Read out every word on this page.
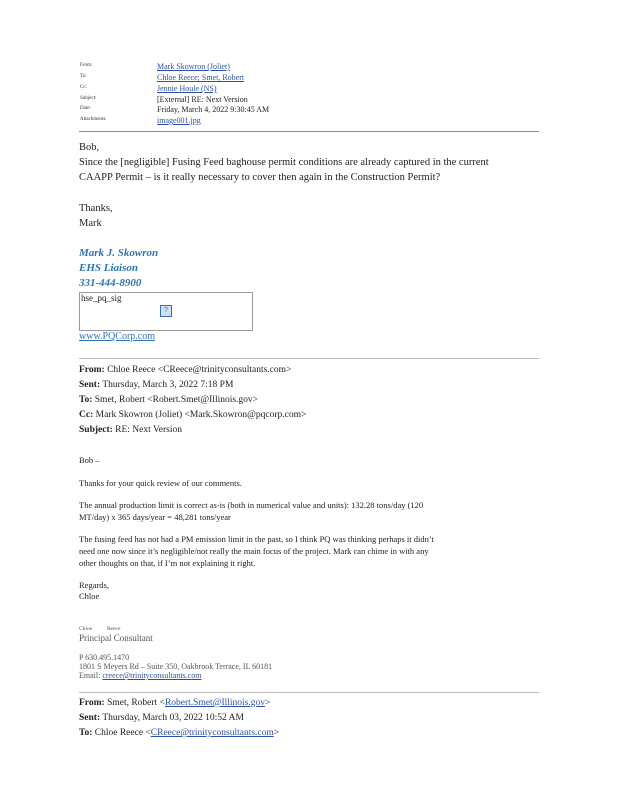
From:	Mark Skowron (Joliet)
To:	Chloe Reece; Smet, Robert
Cc:	Jennie Houle (NS)
Subject:	[External] RE: Next Version
Date:	Friday, March 4, 2022 9:30:45 AM
Attachments:	image001.jpg
Bob,
Since the [negligible] Fusing Feed baghouse permit conditions are already captured in the current
CAAPP Permit – is it really necessary to cover then again in the Construction Permit?
Thanks,
Mark
Mark J. Skowron
EHS Liaison
331-444-8900
hse_pq_sig
?
www.PQCorp.com
From: Chloe Reece <CReece@trinityconsultants.com>
Sent: Thursday, March 3, 2022 7:18 PM
To: Smet, Robert <Robert.Smet@Illinois.gov>
Cc: Mark Skowron (Joliet) <Mark.Skowron@pqcorp.com>
Subject: RE: Next Version
Bob –
Thanks for your quick review of our comments.
The annual production limit is correct as-is (both in numerical value and units): 132.28 tons/day (120
MT/day) x 365 days/year = 48,281 tons/year
The fusing feed has not had a PM emission limit in the past, so I think PQ was thinking perhaps it didn’t
need one now since it’s negligible/not really the main focus of the project. Mark can chime in with any
other thoughts on that, if I’m not explaining it right.
Regards,
Chloe
Chloe	Reece
Principal Consultant
P 630.495.1470
1801 S Meyers Rd – Suite 350, Oakbrook Terrace, IL 60181
Email: creece@trinityconsultants.com
From: Smet, Robert <Robert.Smet@Illinois.gov>
Sent: Thursday, March 03, 2022 10:52 AM
To: Chloe Reece <CReece@trinityconsultants.com>
